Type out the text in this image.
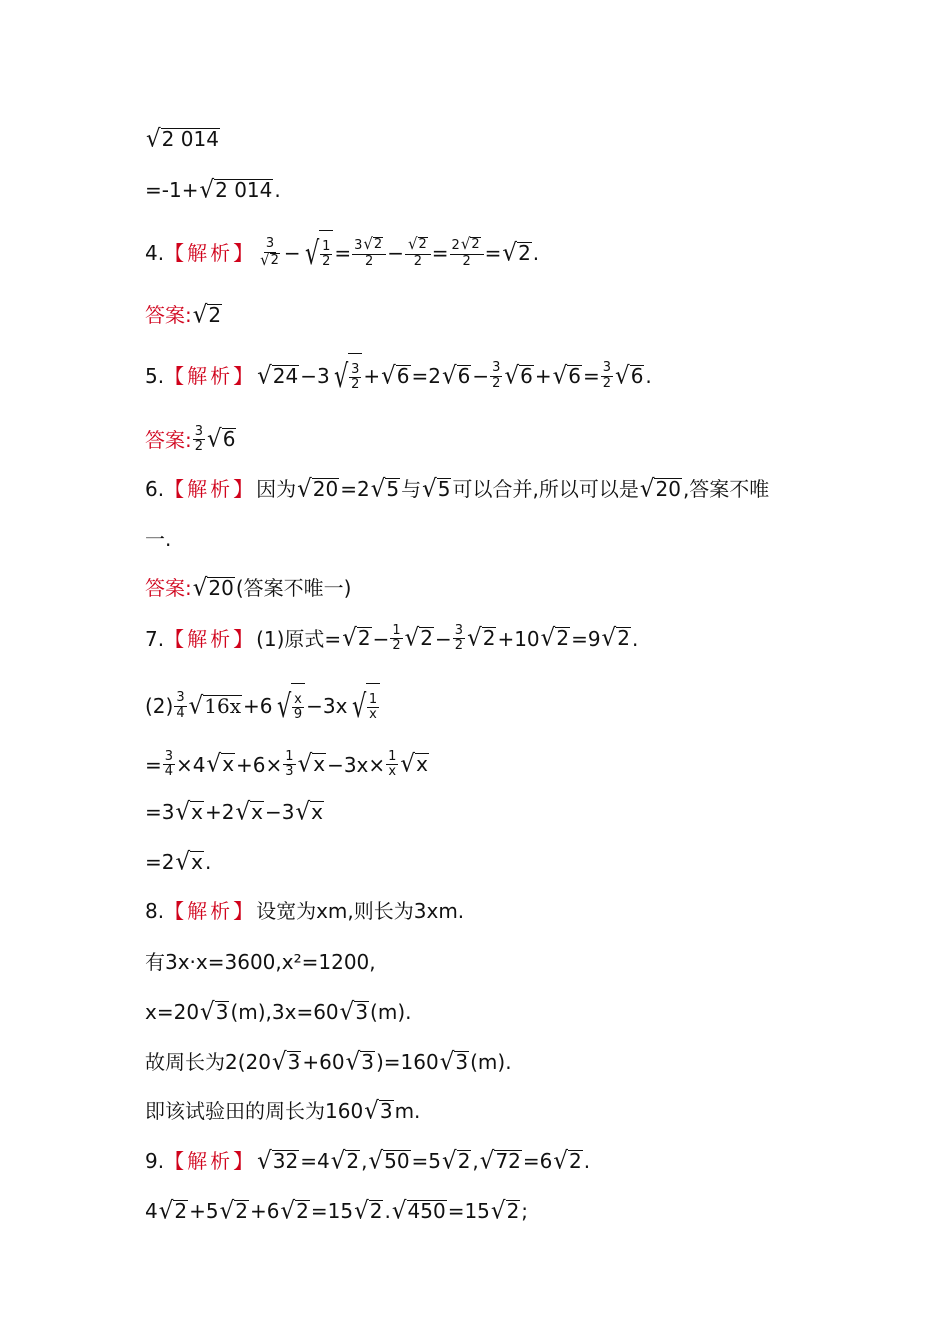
√ 2 014
=-1+ √ 2 014 .
4. 【解析】 $\frac{3}{√ 2}$ − √ $\frac{1}{2} = \frac{3 √ 2}{2} - \frac{√ 2}{2} = \frac{2 √ 2}{2}$ = √ 2 .
答案: √ 2
5. 【解析】 √ 24 −3 √ $\frac{3}{2}$ + √ 6 =2 √ $6 - \frac{3}{2}$ √ 6 + √ $6 = \frac{3}{2}$ √ 6 .
答案: $\frac{3}{2}$ √ 6
6. 【解析】 因为 √ 20 =2 √ 5 与 √ 5 可以合并,所以可以是 √ 20 ,答案不唯
一.
答案: √ 20 (答案不唯一)
7. 【解析】 (1)原式= √ $2 - \frac{1}{2}$ √ $2 - \frac{3}{2}$ √ 2 +10 √ 2 =9 √ 2 .
$(2) \frac{3}{4}$ √ 16x +6 √ $\frac{x}{9} -3x$ √ $\frac{1}{x}$
= $\frac{3}{4} \times 4$ √ $x +6\times \frac{1}{3}$ √ $x -3x\times \frac{1}{x}$ √ x
=3 √ x +2 √ x −3 √ x
=2 √ x .
8. 【解析】 设宽为xm,则长为3xm.
有3x·x=3600,x²=1200,
x=20 √ 3 (m),3x=60 √ 3 (m).
故周长为2(20 √ 3 +60 √ 3 )=160 √ 3 (m).
即该试验田的周长为160 √ 3 m.
9. 【解析】 √ 32 =4 √ 2 , √ 50 =5 √ 2 , √ 72 =6 √ 2 .
4 √ 2 +5 √ 2 +6 √ 2 =15 √ 2 . √ 450 =15 √ 2 ;
